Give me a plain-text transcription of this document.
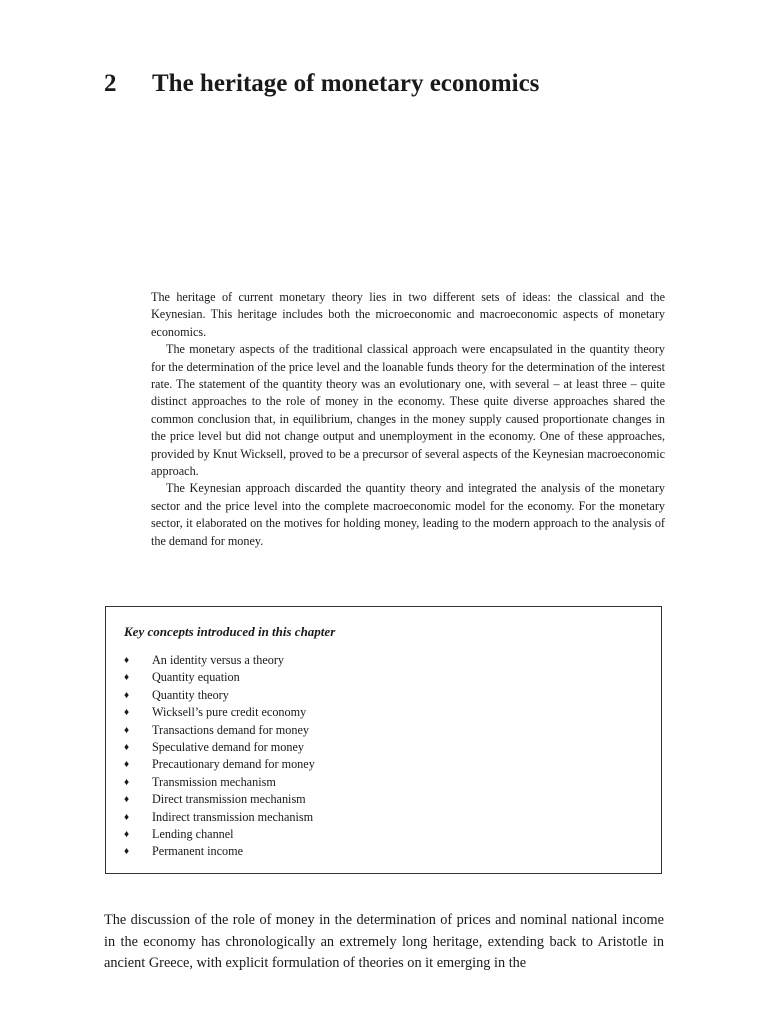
2 The heritage of monetary economics

The heritage of current monetary theory lies in two different sets of ideas: the classical and the Keynesian. This heritage includes both the microeconomic and macroeconomic aspects of monetary economics.

The monetary aspects of the traditional classical approach were encapsulated in the quantity theory for the determination of the price level and the loanable funds theory for the determination of the interest rate. The statement of the quantity theory was an evolutionary one, with several – at least three – quite distinct approaches to the role of money in the economy. These quite diverse approaches shared the common conclusion that, in equilibrium, changes in the money supply caused proportionate changes in the price level but did not change output and unemployment in the economy. One of these approaches, provided by Knut Wicksell, proved to be a precursor of several aspects of the Keynesian macroeconomic approach.

The Keynesian approach discarded the quantity theory and integrated the analysis of the monetary sector and the price level into the complete macroeconomic model for the economy. For the monetary sector, it elaborated on the motives for holding money, leading to the modern approach to the analysis of the demand for money.

Key concepts introduced in this chapter

♦	An identity versus a theory
♦	Quantity equation
♦	Quantity theory
♦	Wicksell’s pure credit economy
♦	Transactions demand for money
♦	Speculative demand for money
♦	Precautionary demand for money
♦	Transmission mechanism
♦	Direct transmission mechanism
♦	Indirect transmission mechanism
♦	Lending channel
♦	Permanent income

The discussion of the role of money in the determination of prices and nominal national income in the economy has chronologically an extremely long heritage, extending back to Aristotle in ancient Greece, with explicit formulation of theories on it emerging in the
